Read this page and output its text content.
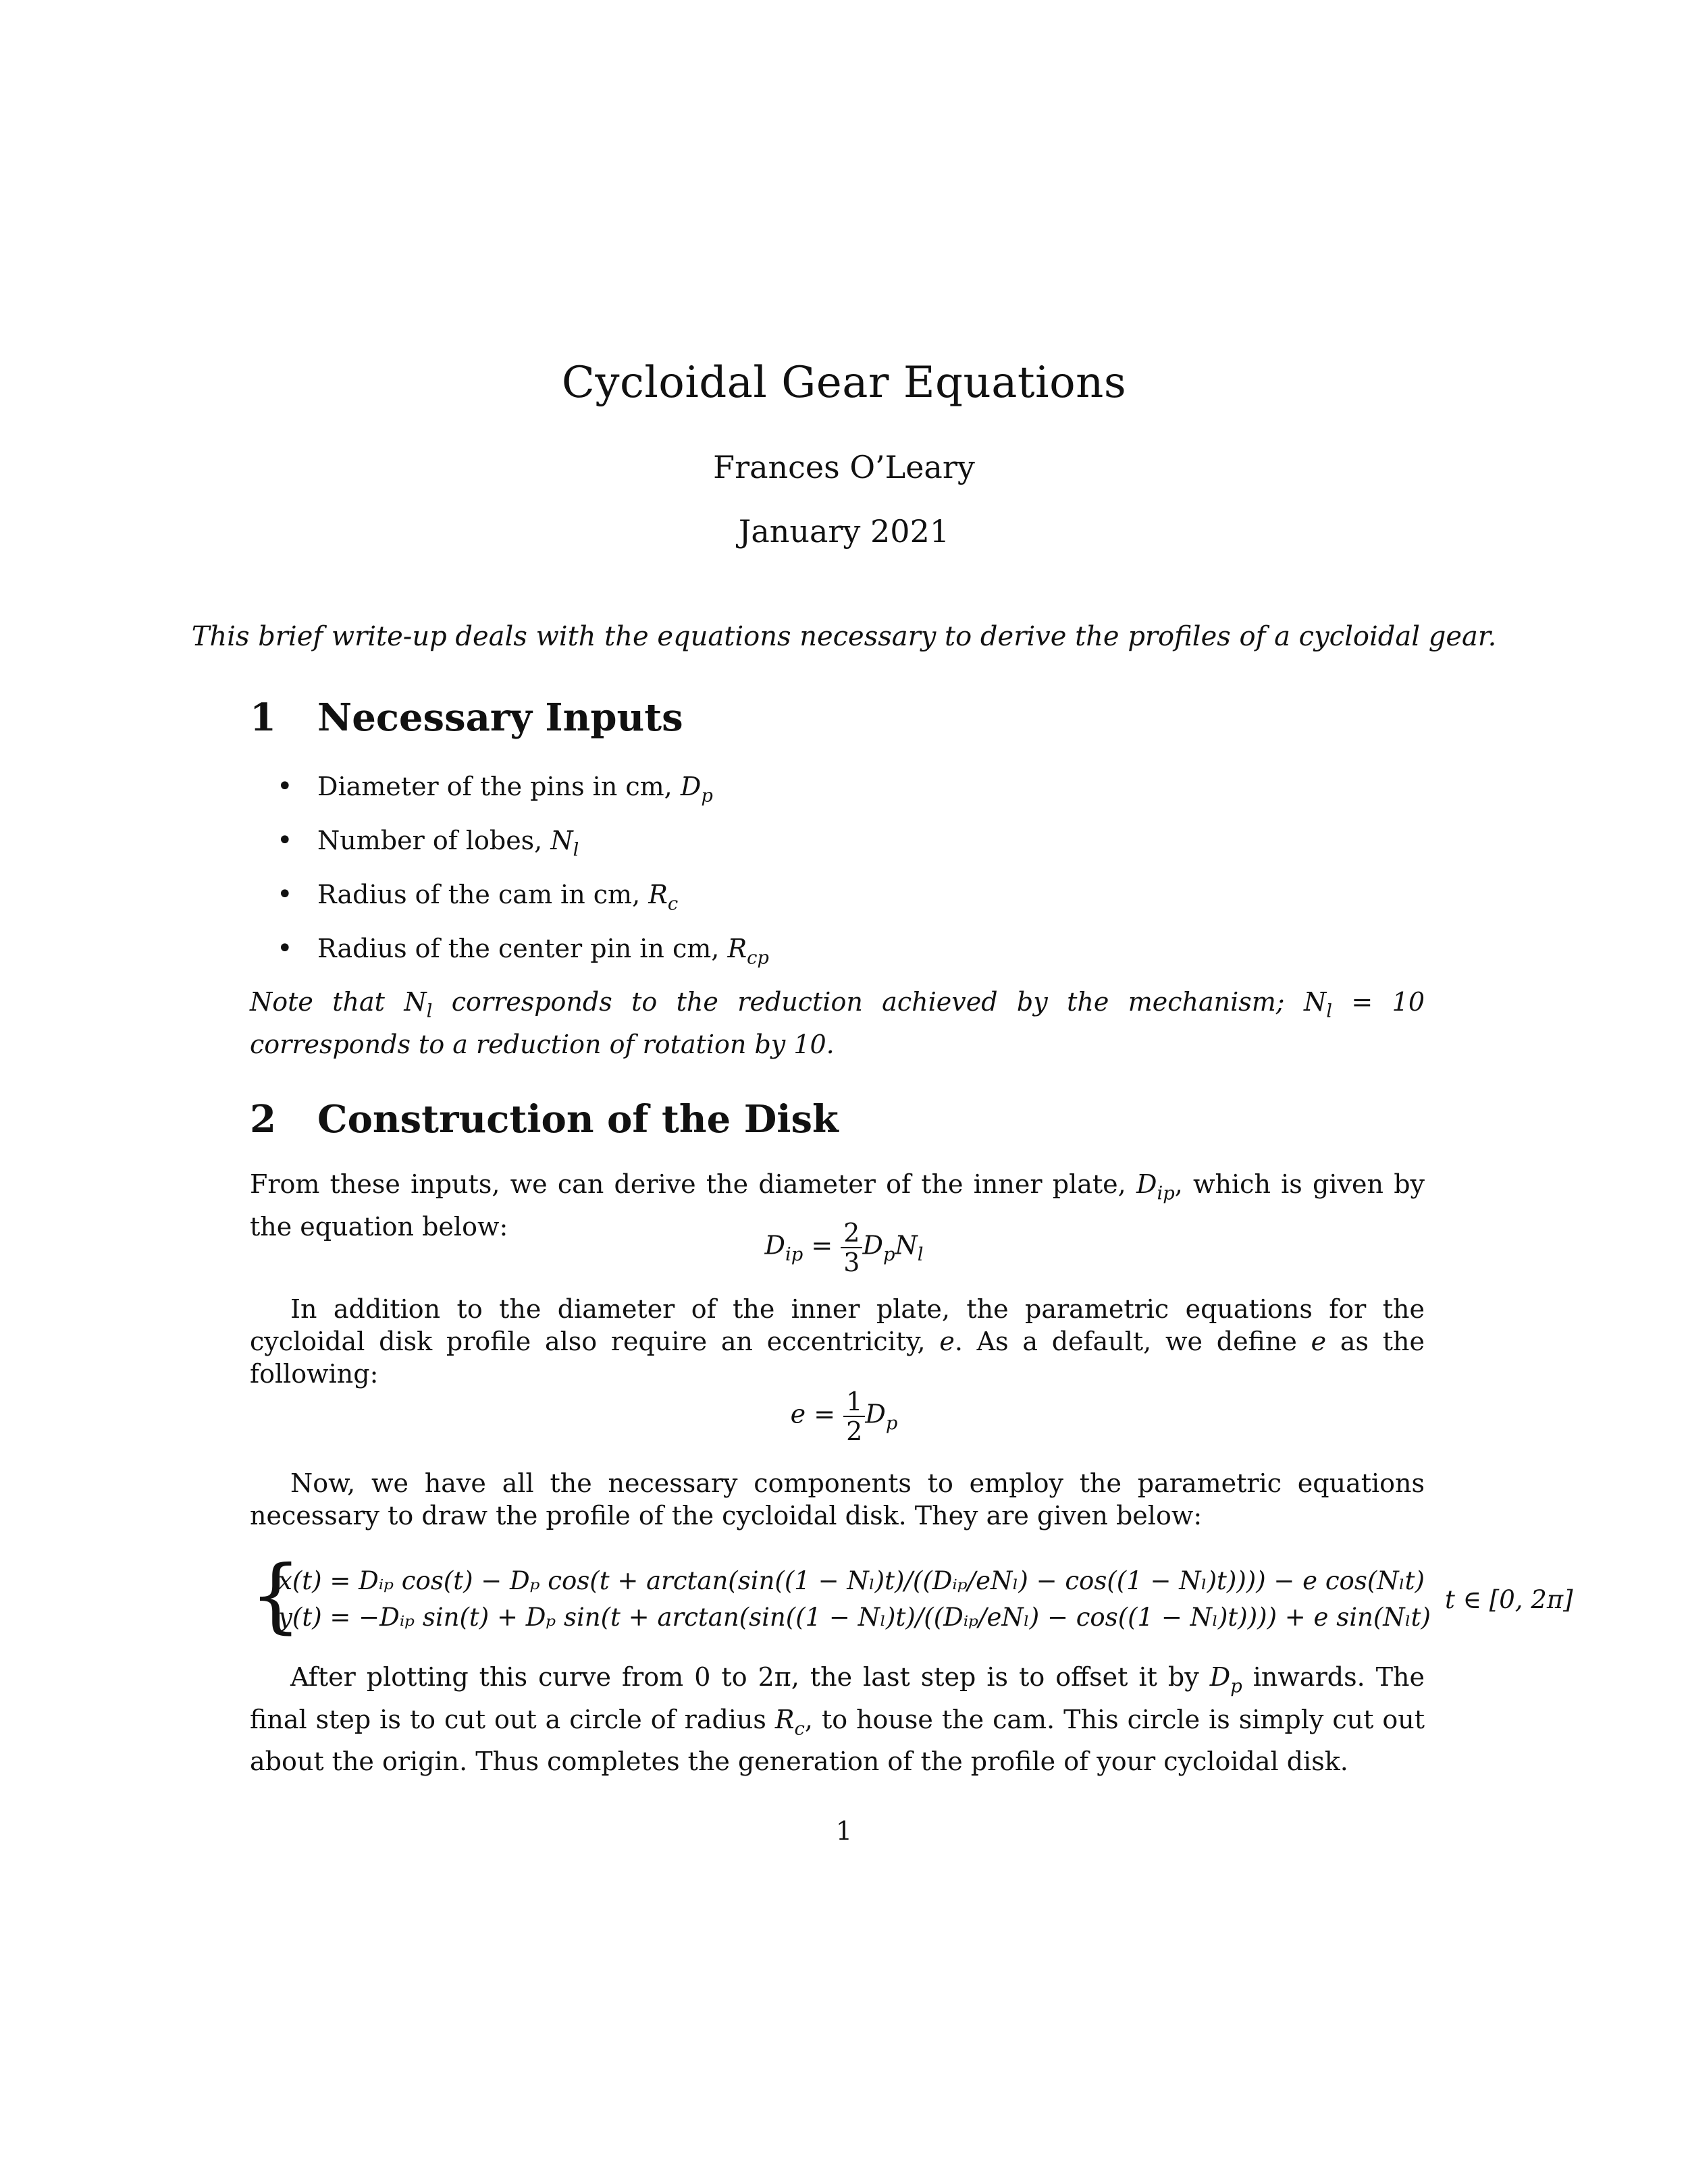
Cycloidal Gear Equations
Frances O’Leary
January 2021
This brief write-up deals with the equations necessary to derive the profiles of a cycloidal gear.
1	Necessary Inputs
• Diameter of the pins in cm, $D_p$
• Number of lobes, $N_l$
• Radius of the cam in cm, $R_c$
• Radius of the center pin in cm, $R_{cp}$
Note that $N_l$ corresponds to the reduction achieved by the mechanism; $N_l = 10$ corresponds to a reduction of rotation by 10.
2	Construction of the Disk
From these inputs, we can derive the diameter of the inner plate, $D_{ip}$, which is given by the equation below:
$D_{ip} = \frac{2}{3} D_pN_l$
In addition to the diameter of the inner plate, the parametric equations for the cycloidal disk profile also require an eccentricity, e. As a default, we define e as the following:
$e = \frac{1}{2} D_p$
Now, we have all the necessary components to employ the parametric equations necessary to draw the profile of the cycloidal disk. They are given below:
{
x(t) = Dᵢₚ cos(t) − Dₚ cos(t + arctan(sin((1 − Nₗ)t)/((Dᵢₚ/eNₗ) − cos((1 − Nₗ)t)))) − e cos(Nₗt)
y(t) = −Dᵢₚ sin(t) + Dₚ sin(t + arctan(sin((1 − Nₗ)t)/((Dᵢₚ/eNₗ) − cos((1 − Nₗ)t)))) + e sin(Nₗt)
t ∈ [0, 2π]
After plotting this curve from 0 to 2π, the last step is to offset it by $D_p$ inwards. The final step is to cut out a circle of radius $R_c$, to house the cam. This circle is simply cut out about the origin. Thus completes the generation of the profile of your cycloidal disk.
1
